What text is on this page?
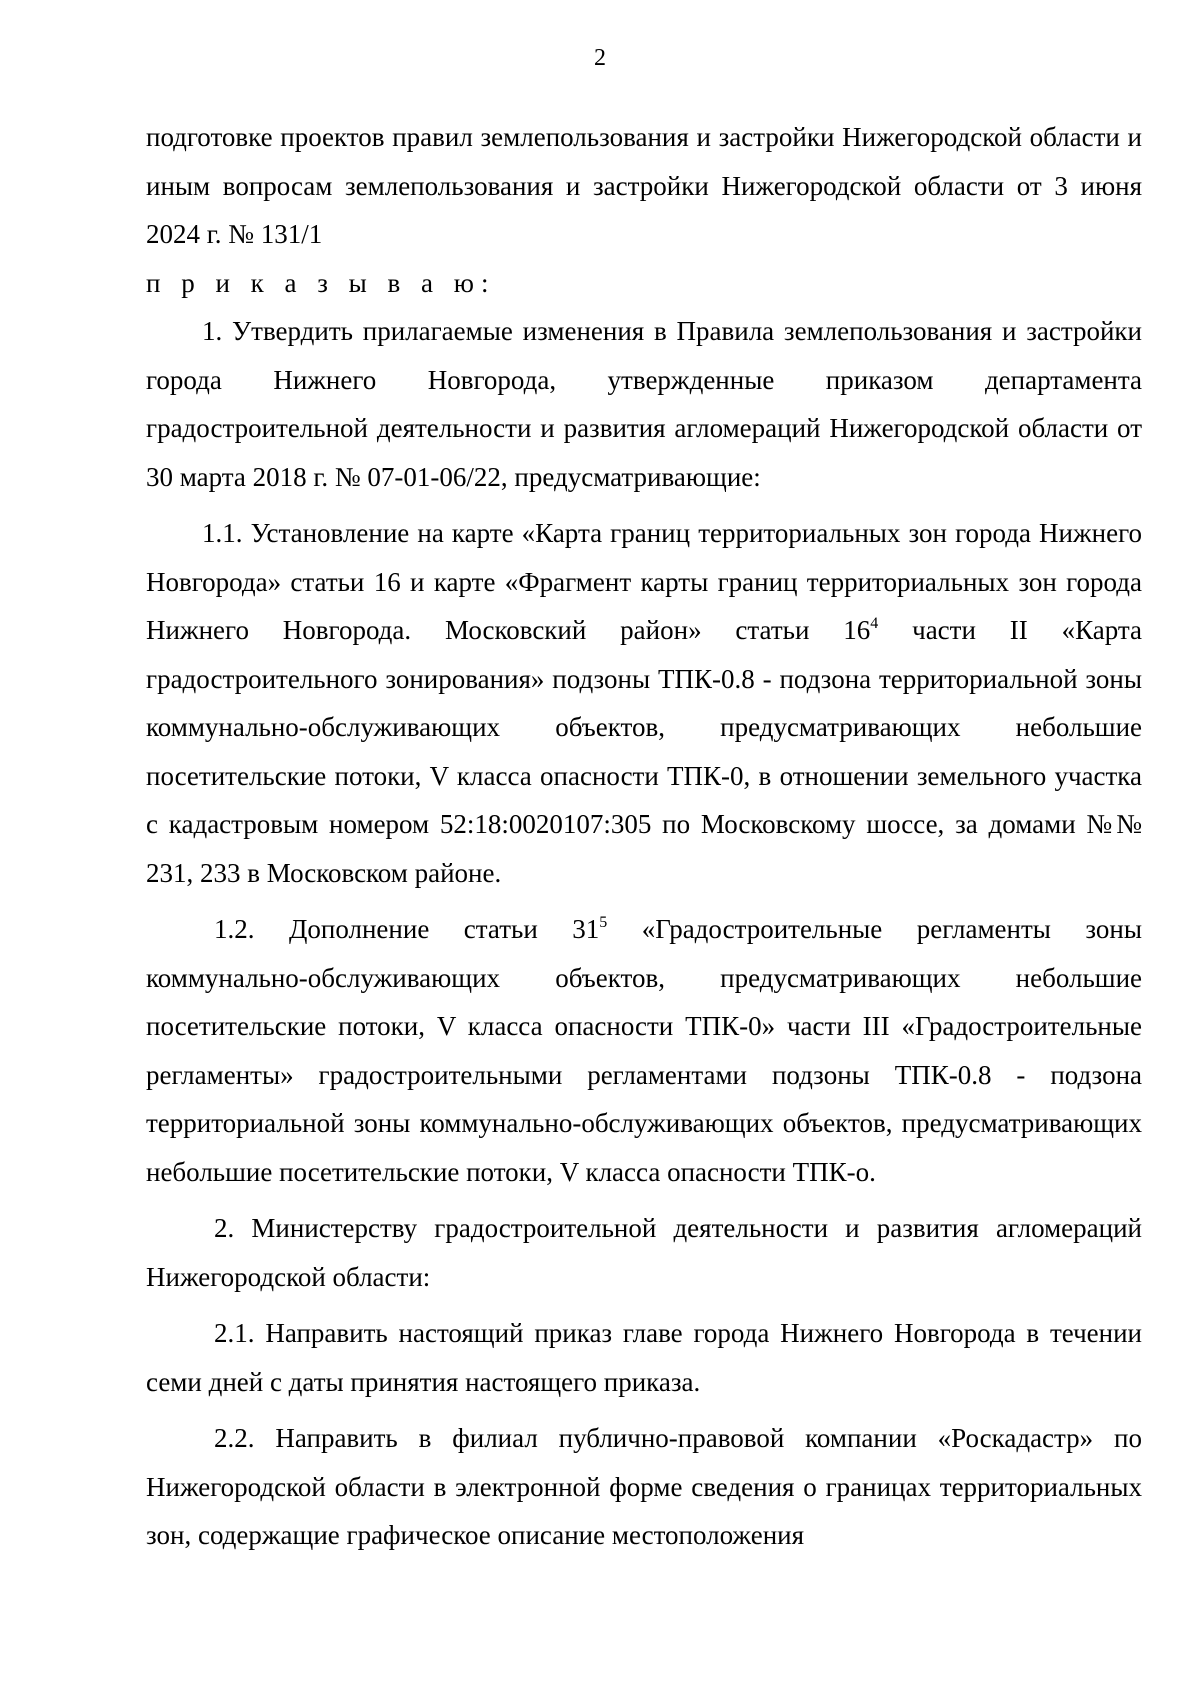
2

подготовке проектов правил землепользования и застройки Нижегородской области и иным вопросам землепользования и застройки Нижегородской области от 3 июня 2024 г. № 131/1

п р и к а з ы в а ю:

1. Утвердить прилагаемые изменения в Правила землепользования и застройки города Нижнего Новгорода, утвержденные приказом департамента градостроительной деятельности и развития агломераций Нижегородской области от 30 марта 2018 г. № 07-01-06/22, предусматривающие:

1.1. Установление на карте «Карта границ территориальных зон города Нижнего Новгорода» статьи 16 и карте «Фрагмент карты границ территориальных зон города Нижнего Новгорода. Московский район» статьи $16^4$ части II «Карта градостроительного зонирования» подзоны ТПК-0.8 - подзона территориальной зоны коммунально-обслуживающих объектов, предусматривающих небольшие посетительские потоки, V класса опасности ТПК-0, в отношении земельного участка с кадастровым номером 52:18:0020107:305 по Московскому шоссе, за домами №№ 231, 233 в Московском районе.

1.2. Дополнение статьи $31^5$ «Градостроительные регламенты зоны коммунально-обслуживающих объектов, предусматривающих небольшие посетительские потоки, V класса опасности ТПК-0» части III «Градостроительные регламенты» градостроительными регламентами подзоны ТПК-0.8 - подзона территориальной зоны коммунально-обслуживающих объектов, предусматривающих небольшие посетительские потоки, V класса опасности ТПК-о.

2. Министерству градостроительной деятельности и развития агломераций Нижегородской области:

2.1. Направить настоящий приказ главе города Нижнего Новгорода в течении семи дней с даты принятия настоящего приказа.

2.2. Направить в филиал публично-правовой компании «Роскадастр» по Нижегородской области в электронной форме сведения о границах территориальных зон, содержащие графическое описание местоположения
